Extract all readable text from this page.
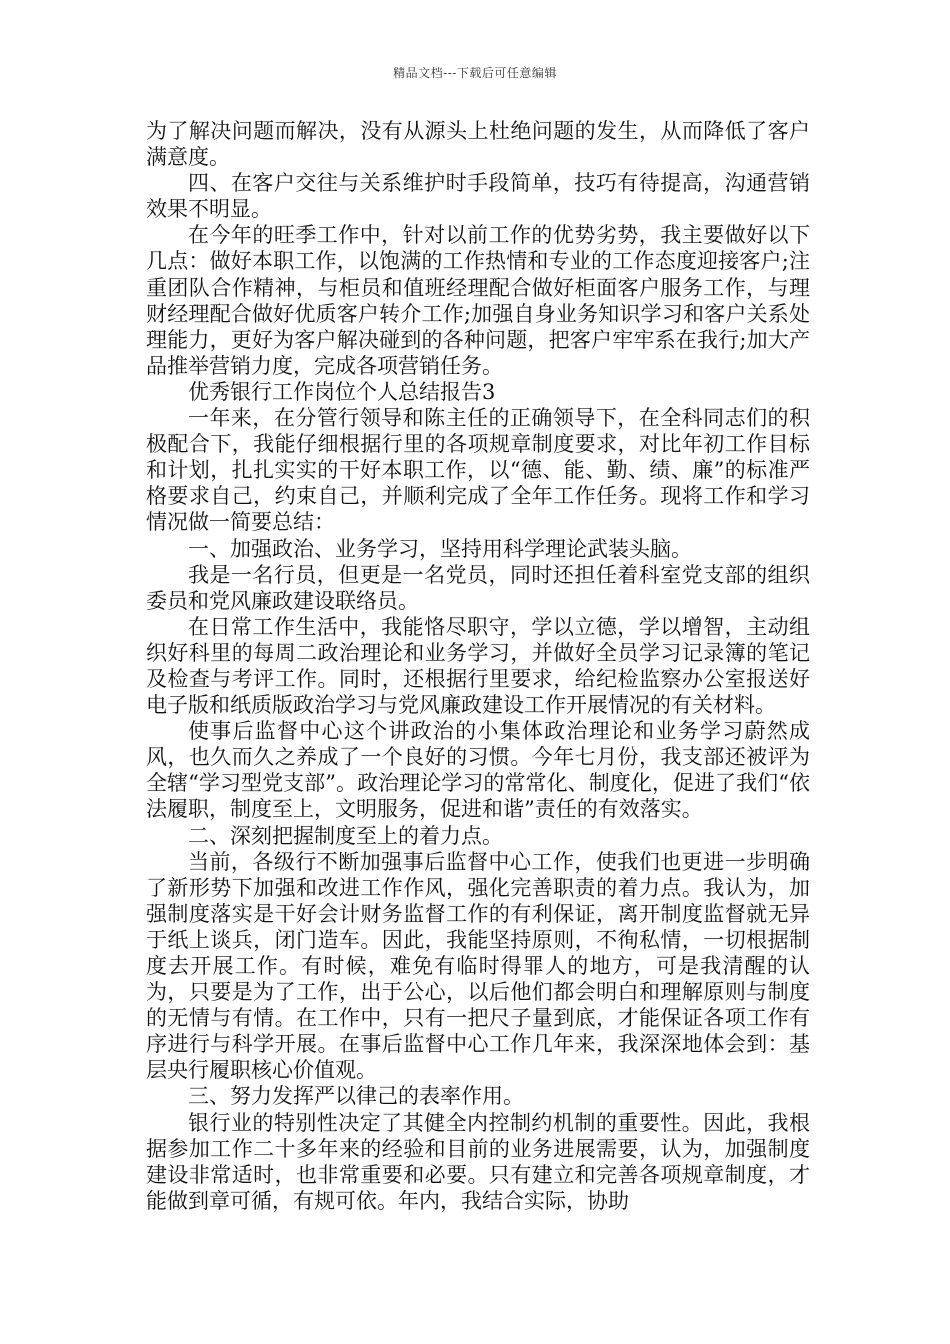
精品文档---下载后可任意编辑

为了解决问题而解决，没有从源头上杜绝问题的发生，从而降低了客户满意度。

四、在客户交往与关系维护时手段简单，技巧有待提高，沟通营销效果不明显。

在今年的旺季工作中，针对以前工作的优势劣势，我主要做好以下几点：做好本职工作，以饱满的工作热情和专业的工作态度迎接客户;注重团队合作精神，与柜员和值班经理配合做好柜面客户服务工作，与理财经理配合做好优质客户转介工作;加强自身业务知识学习和客户关系处理能力，更好为客户解决碰到的各种问题，把客户牢牢系在我行;加大产品推举营销力度，完成各项营销任务。

优秀银行工作岗位个人总结报告3

一年来，在分管行领导和陈主任的正确领导下，在全科同志们的积极配合下，我能仔细根据行里的各项规章制度要求，对比年初工作目标和计划，扎扎实实的干好本职工作，以“德、能、勤、绩、廉”的标准严格要求自己，约束自己，并顺利完成了全年工作任务。现将工作和学习情况做一简要总结：

一、加强政治、业务学习，坚持用科学理论武装头脑。

我是一名行员，但更是一名党员，同时还担任着科室党支部的组织委员和党风廉政建设联络员。

在日常工作生活中，我能恪尽职守，学以立德，学以增智，主动组织好科里的每周二政治理论和业务学习，并做好全员学习记录簿的笔记及检查与考评工作。同时，还根据行里要求，给纪检监察办公室报送好电子版和纸质版政治学习与党风廉政建设工作开展情况的有关材料。

使事后监督中心这个讲政治的小集体政治理论和业务学习蔚然成风，也久而久之养成了一个良好的习惯。今年七月份，我支部还被评为全辖“学习型党支部”。政治理论学习的常常化、制度化，促进了我们“依法履职，制度至上，文明服务，促进和谐”责任的有效落实。

二、深刻把握制度至上的着力点。

当前，各级行不断加强事后监督中心工作，使我们也更进一步明确了新形势下加强和改进工作作风，强化完善职责的着力点。我认为，加强制度落实是干好会计财务监督工作的有利保证，离开制度监督就无异于纸上谈兵，闭门造车。因此，我能坚持原则，不徇私情，一切根据制度去开展工作。有时候，难免有临时得罪人的地方，可是我清醒的认为，只要是为了工作，出于公心，以后他们都会明白和理解原则与制度的无情与有情。在工作中，只有一把尺子量到底，才能保证各项工作有序进行与科学开展。在事后监督中心工作几年来，我深深地体会到：基层央行履职核心价值观。

三、努力发挥严以律己的表率作用。

银行业的特别性决定了其健全内控制约机制的重要性。因此，我根据参加工作二十多年来的经验和目前的业务进展需要，认为，加强制度建设非常适时，也非常重要和必要。只有建立和完善各项规章制度，才能做到章可循，有规可依。年内，我结合实际，协助
